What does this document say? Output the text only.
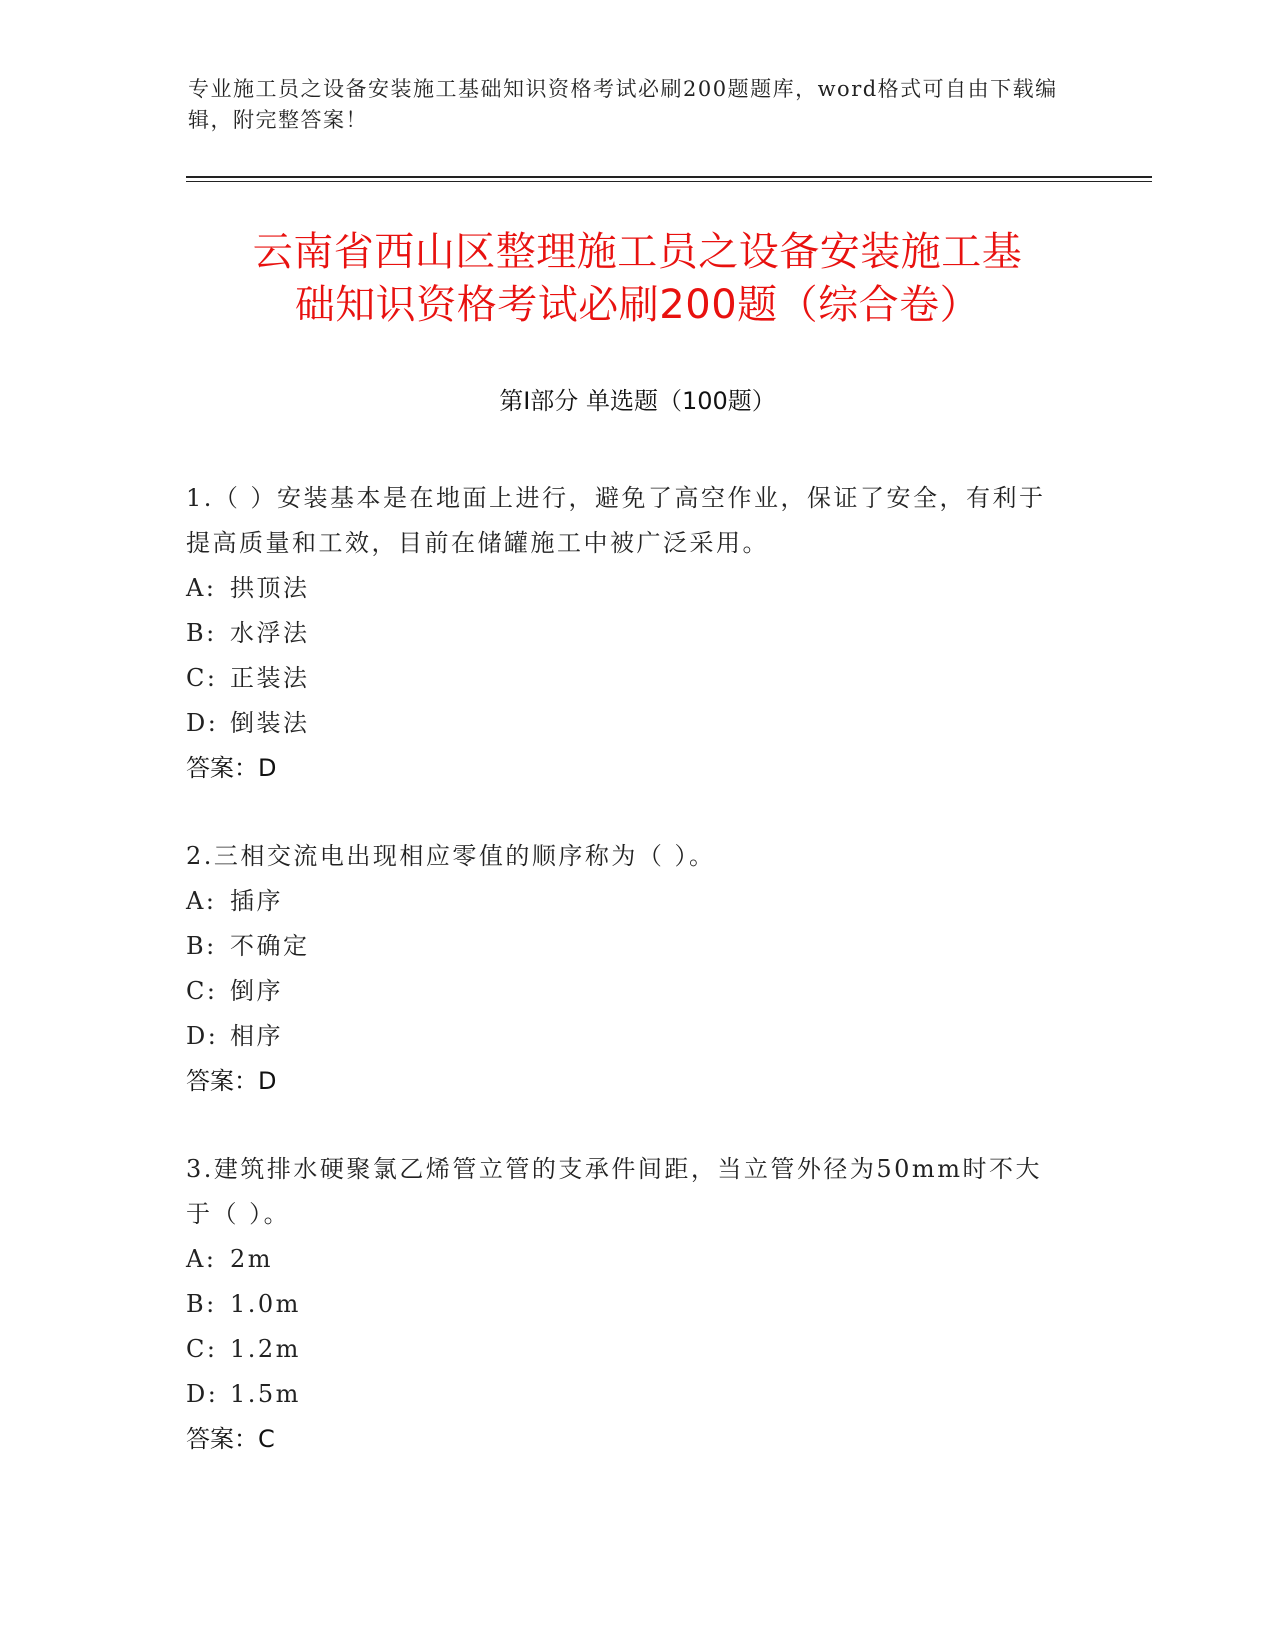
专业施工员之设备安装施工基础知识资格考试必刷200题题库，word格式可自由下载编辑，附完整答案！
云南省西山区整理施工员之设备安装施工基
础知识资格考试必刷200题（综合卷）
第Ⅰ部分 单选题（100题）
1.（ ）安装基本是在地面上进行，避免了高空作业，保证了安全，有利于提高质量和工效，目前在储罐施工中被广泛采用。
A: 拱顶法
B: 水浮法
C: 正装法
D: 倒装法
答案：D
2.三相交流电出现相应零值的顺序称为（ ）。
A: 插序
B: 不确定
C: 倒序
D: 相序
答案：D
3.建筑排水硬聚氯乙烯管立管的支承件间距，当立管外径为50mm时不大于（ ）。
A: 2m
B: 1.0m
C: 1.2m
D: 1.5m
答案：C
